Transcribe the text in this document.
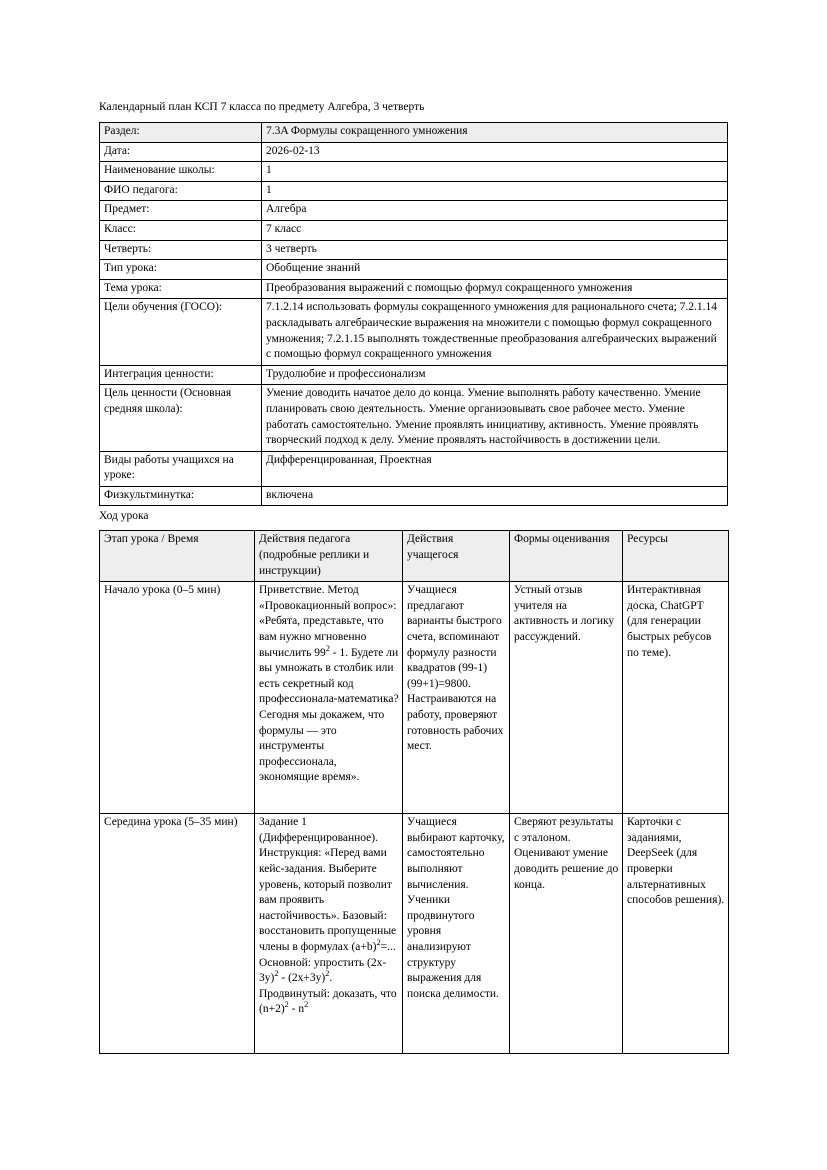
Календарный план КСП 7 класса по предмету Алгебра, 3 четверть

Раздел:	7.3A Формулы сокращенного умножения
Дата:	2026-02-13
Наименование школы:	1
ФИО педагога:	1
Предмет:	Алгебра
Класс:	7 класс
Четверть:	3 четверть
Тип урока:	Обобщение знаний
Тема урока:	Преобразования выражений с помощью формул сокращенного умножения
Цели обучения (ГОСО):	7.1.2.14 использовать формулы сокращенного умножения для рационального счета; 7.2.1.14 раскладывать алгебраические выражения на множители с помощью формул сокращенного умножения; 7.2.1.15 выполнять тождественные преобразования алгебраических выражений с помощью формул сокращенного умножения
Интеграция ценности:	Трудолюбие и профессионализм
Цель ценности (Основная средняя школа):	Умение доводить начатое дело до конца. Умение выполнять работу качественно. Умение планировать свою деятельность. Умение организовывать свое рабочее место. Умение работать самостоятельно. Умение проявлять инициативу, активность. Умение проявлять творческий подход к делу. Умение проявлять настойчивость в достижении цели.
Виды работы учащихся на уроке:	Дифференцированная, Проектная
Физкультминутка:	включена

Ход урока

Этап урока / Время	Действия педагога (подробные реплики и инструкции)	Действия учащегося	Формы оценивания	Ресурсы
Начало урока (0–5 мин)	Приветствие. Метод «Провокационный вопрос»: «Ребята, представьте, что вам нужно мгновенно вычислить $99^2 - 1$. Будете ли вы умножать в столбик или есть секретный код профессионала-математика? Сегодня мы докажем, что формулы — это инструменты профессионала, экономящие время».	Учащиеся предлагают варианты быстрого счета, вспоминают формулу разности квадратов (99-1)(99+1)=9800. Настраиваются на работу, проверяют готовность рабочих мест.	Устный отзыв учителя на активность и логику рассуждений.	Интерактивная доска, ChatGPT (для генерации быстрых ребусов по теме).
Середина урока (5–35 мин)	Задание 1 (Дифференцированное). Инструкция: «Перед вами кейс-задания. Выберите уровень, который позволит вам проявить настойчивость». Базовый: восстановить пропущенные члены в формулах $(a+b)^2=$... Основной: упростить $(2x-3y)^2 - (2x+3y)^2$. Продвинутый: доказать, что $(n+2)^2 - n^2$	Учащиеся выбирают карточку, самостоятельно выполняют вычисления. Ученики продвинутого уровня анализируют структуру выражения для поиска делимости.	Сверяют результаты с эталоном. Оценивают умение доводить решение до конца.	Карточки с заданиями, DeepSeek (для проверки альтернативных способов решения).
